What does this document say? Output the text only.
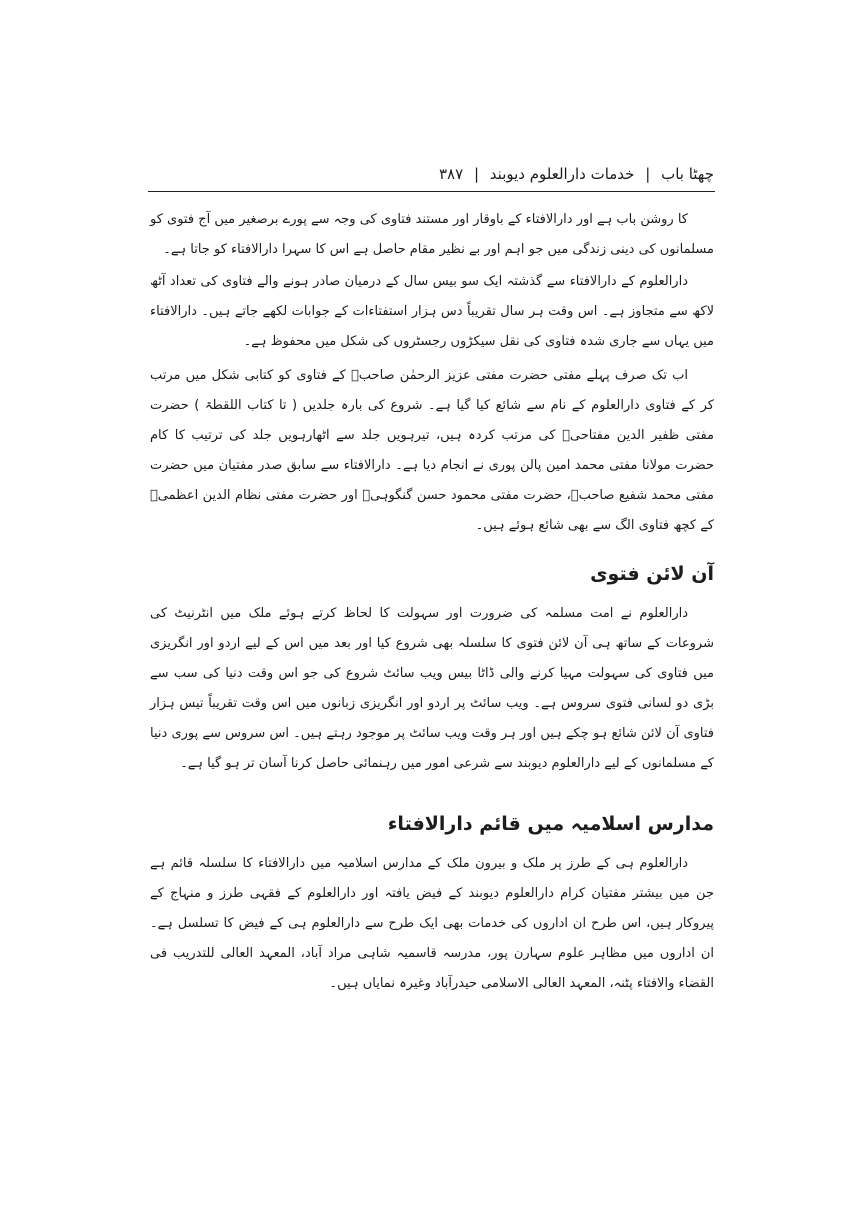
چھٹا باب | خدمات دارالعلوم دیوبند | ۳۸۷

کا روشن باب ہے اور دارالافتاء کے باوقار اور مستند فتاوی کی وجہ سے پورے برصغیر میں آج فتوی کو مسلمانوں کی دینی زندگی میں جو اہم اور بے نظیر مقام حاصل ہے اس کا سہرا دارالافتاء کو جاتا ہے۔

دارالعلوم کے دارالافتاء سے گذشتہ ایک سو بیس سال کے درمیان صادر ہونے والے فتاوی کی تعداد آٹھ لاکھ سے متجاوز ہے۔ اس وقت ہر سال تقریباً دس ہزار استفتاءات کے جوابات لکھے جاتے ہیں۔ دارالافتاء میں یہاں سے جاری شدہ فتاوی کی نقل سیکڑوں رجسٹروں کی شکل میں محفوظ ہے۔

اب تک صرف پہلے مفتی حضرت مفتی عزیز الرحمٰن صاحبؒ کے فتاوی کو کتابی شکل میں مرتب کر کے فتاوی دارالعلوم کے نام سے شائع کیا گیا ہے۔ شروع کی بارہ جلدیں ( تا کتاب اللقطۃ ) حضرت مفتی ظفیر الدین مفتاحیؒ کی مرتب کردہ ہیں، تیرہویں جلد سے اٹھارہویں جلد کی ترتیب کا کام حضرت مولانا مفتی محمد امین پالن پوری نے انجام دیا ہے۔ دارالافتاء سے سابق صدر مفتیان میں حضرت مفتی محمد شفیع صاحبؒ، حضرت مفتی محمود حسن گنگوہیؒ اور حضرت مفتی نظام الدین اعظمیؒ کے کچھ فتاوی الگ سے بھی شائع ہوئے ہیں۔

آن لائن فتوی

دارالعلوم نے امت مسلمہ کی ضرورت اور سہولت کا لحاظ کرتے ہوئے ملک میں انٹرنیٹ کی شروعات کے ساتھ ہی آن لائن فتوی کا سلسلہ بھی شروع کیا اور بعد میں اس کے لیے اردو اور انگریزی میں فتاوی کی سہولت مہیا کرنے والی ڈاٹا بیس ویب سائٹ شروع کی جو اس وقت دنیا کی سب سے بڑی دو لسانی فتوی سروس ہے۔ ویب سائٹ پر اردو اور انگریزی زبانوں میں اس وقت تقریباً تیس ہزار فتاوی آن لائن شائع ہو چکے ہیں اور ہر وقت ویب سائٹ پر موجود رہتے ہیں۔ اس سروس سے پوری دنیا کے مسلمانوں کے لیے دارالعلوم دیوبند سے شرعی امور میں رہنمائی حاصل کرنا آسان تر ہو گیا ہے۔

مدارس اسلامیہ میں قائم دارالافتاء

دارالعلوم ہی کے طرز پر ملک و بیرون ملک کے مدارس اسلامیہ میں دارالافتاء کا سلسلہ قائم ہے جن میں بیشتر مفتیان کرام دارالعلوم دیوبند کے فیض یافتہ اور دارالعلوم کے فقہی طرز و منہاج کے پیروکار ہیں، اس طرح ان اداروں کی خدمات بھی ایک طرح سے دارالعلوم ہی کے فیض کا تسلسل ہے۔ ان اداروں میں مظاہر علوم سہارن پور، مدرسہ قاسمیہ شاہی مراد آباد، المعہد العالی للتدریب فی القضاء والافتاء پٹنہ، المعہد العالی الاسلامی حیدرآباد وغیرہ نمایاں ہیں۔
